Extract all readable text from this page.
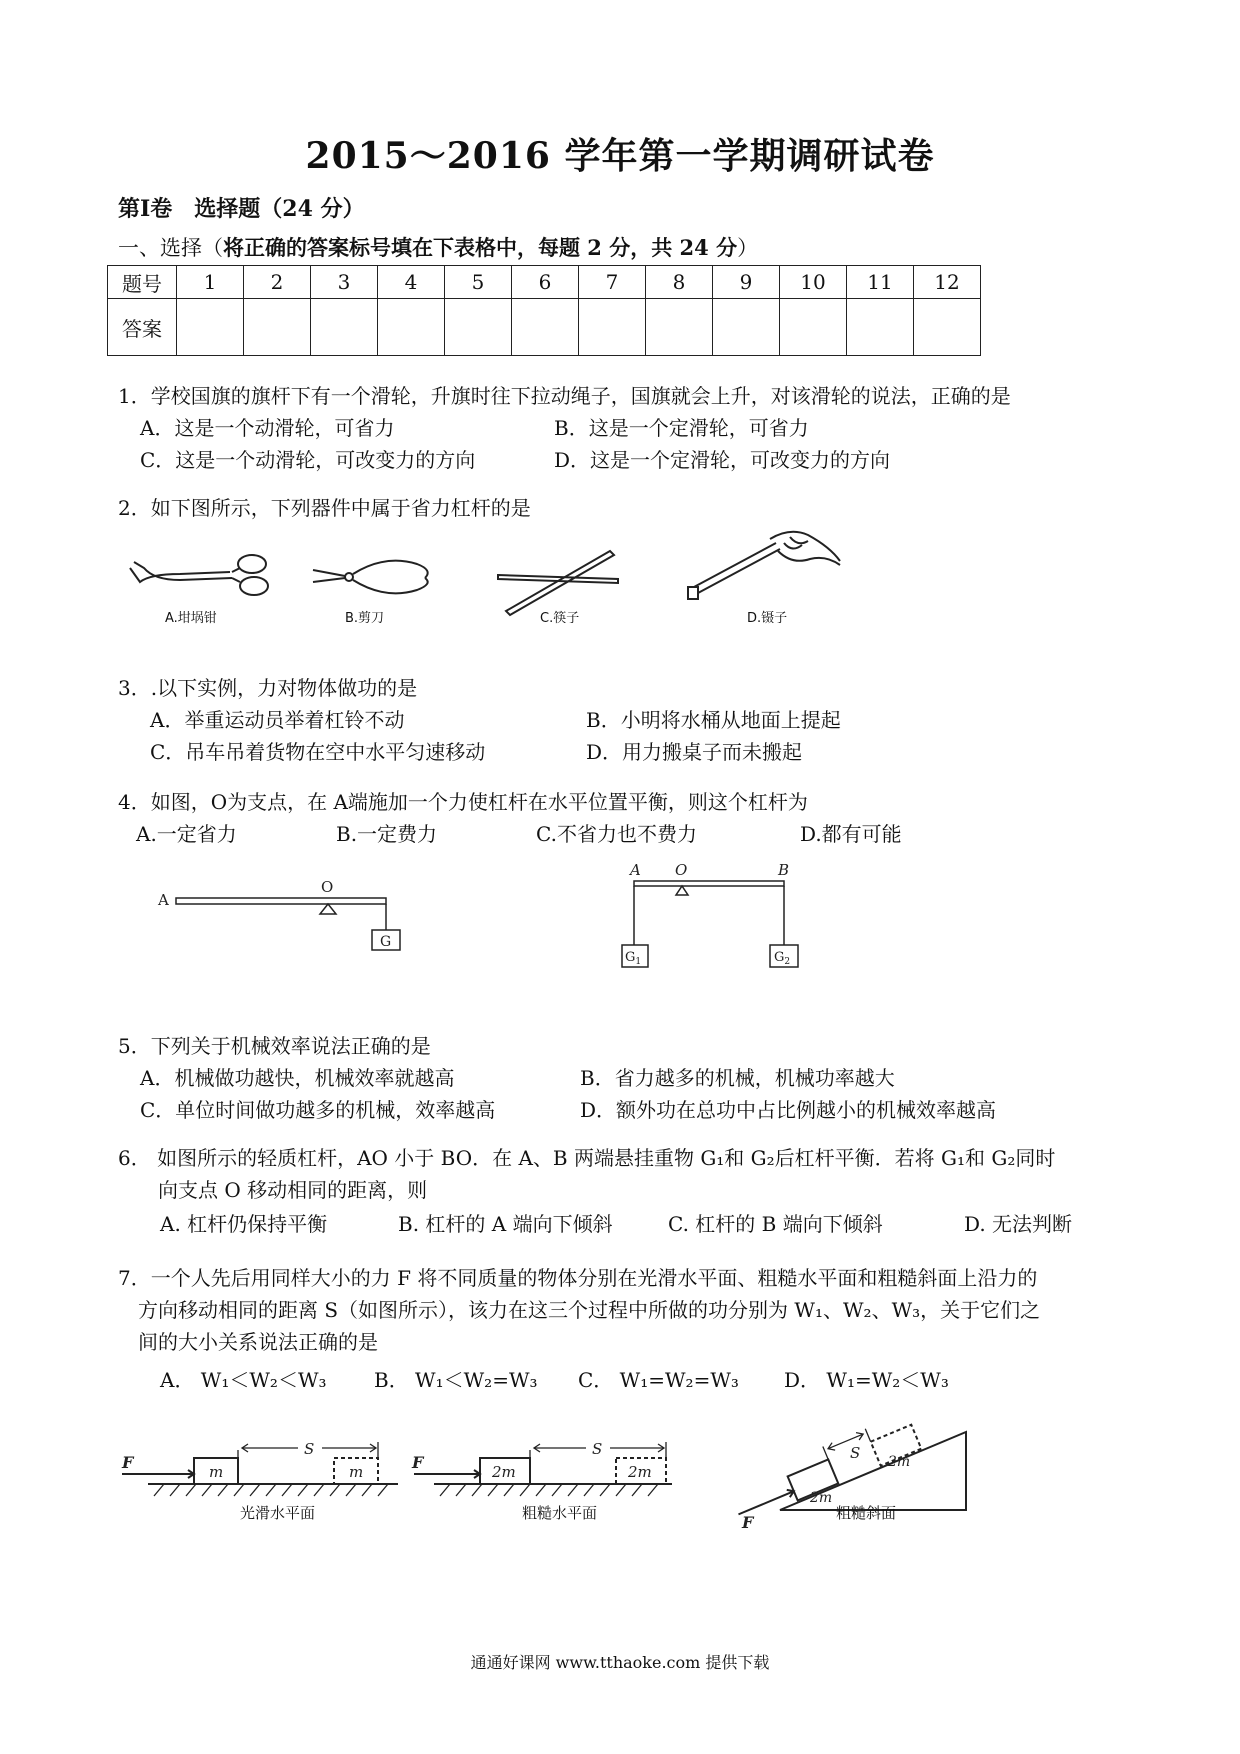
2015～2016 学年第一学期调研试卷
第Ⅰ卷　选择题（24 分）
一、选择（将正确的答案标号填在下表格中，每题 2 分，共 24 分）
题号	1	2	3	4	5	6	7	8	9	10	11	12
答案												
1．学校国旗的旗杆下有一个滑轮，升旗时往下拉动绳子，国旗就会上升，对该滑轮的说法，正确的是
A．这是一个动滑轮，可省力	B．这是一个定滑轮，可省力
C．这是一个动滑轮，可改变力的方向	D．这是一个定滑轮，可改变力的方向
2．如下图所示，下列器件中属于省力杠杆的是
A.坩埚钳	B.剪刀	C.筷子	D.镊子
3．.以下实例，力对物体做功的是
A．举重运动员举着杠铃不动	B．小明将水桶从地面上提起
C．吊车吊着货物在空中水平匀速移动	D．用力搬桌子而未搬起
4．如图，O为支点，在 A端施加一个力使杠杆在水平位置平衡，则这个杠杆为
A.一定省力	B.一定费力	C.不省力也不费力	D.都有可能
A
O
G
A O	B
$G_1$	$G_2$
5．下列关于机械效率说法正确的是
A．机械做功越快，机械效率就越高	B．省力越多的机械，机械功率越大
C．单位时间做功越多的机械，效率越高	D．额外功在总功中占比例越小的机械效率越高
6． 如图所示的轻质杠杆，AO 小于 BO．在 A、B 两端悬挂重物 G₁和 G₂后杠杆平衡．若将 G₁和 G₂同时
向支点 O 移动相同的距离，则
A. 杠杆仍保持平衡	B. 杠杆的 A 端向下倾斜	C. 杠杆的 B 端向下倾斜	D. 无法判断
7．一个人先后用同样大小的力 F 将不同质量的物体分别在光滑水平面、粗糙水平面和粗糙斜面上沿力的
方向移动相同的距离 S（如图所示），该力在这三个过程中所做的功分别为 W₁、W₂、W₃，关于它们之
间的大小关系说法正确的是
A． W₁＜W₂＜W₃ B． W₁＜W₂=W₃ C． W₁=W₂=W₃ D． W₁=W₂＜W₃
F
S
m	m
光滑水平面
F
S
2m	2m
粗糙水平面	F
S
2m
2m
粗糙斜面
通通好课网 www.tthaoke.com 提供下载
